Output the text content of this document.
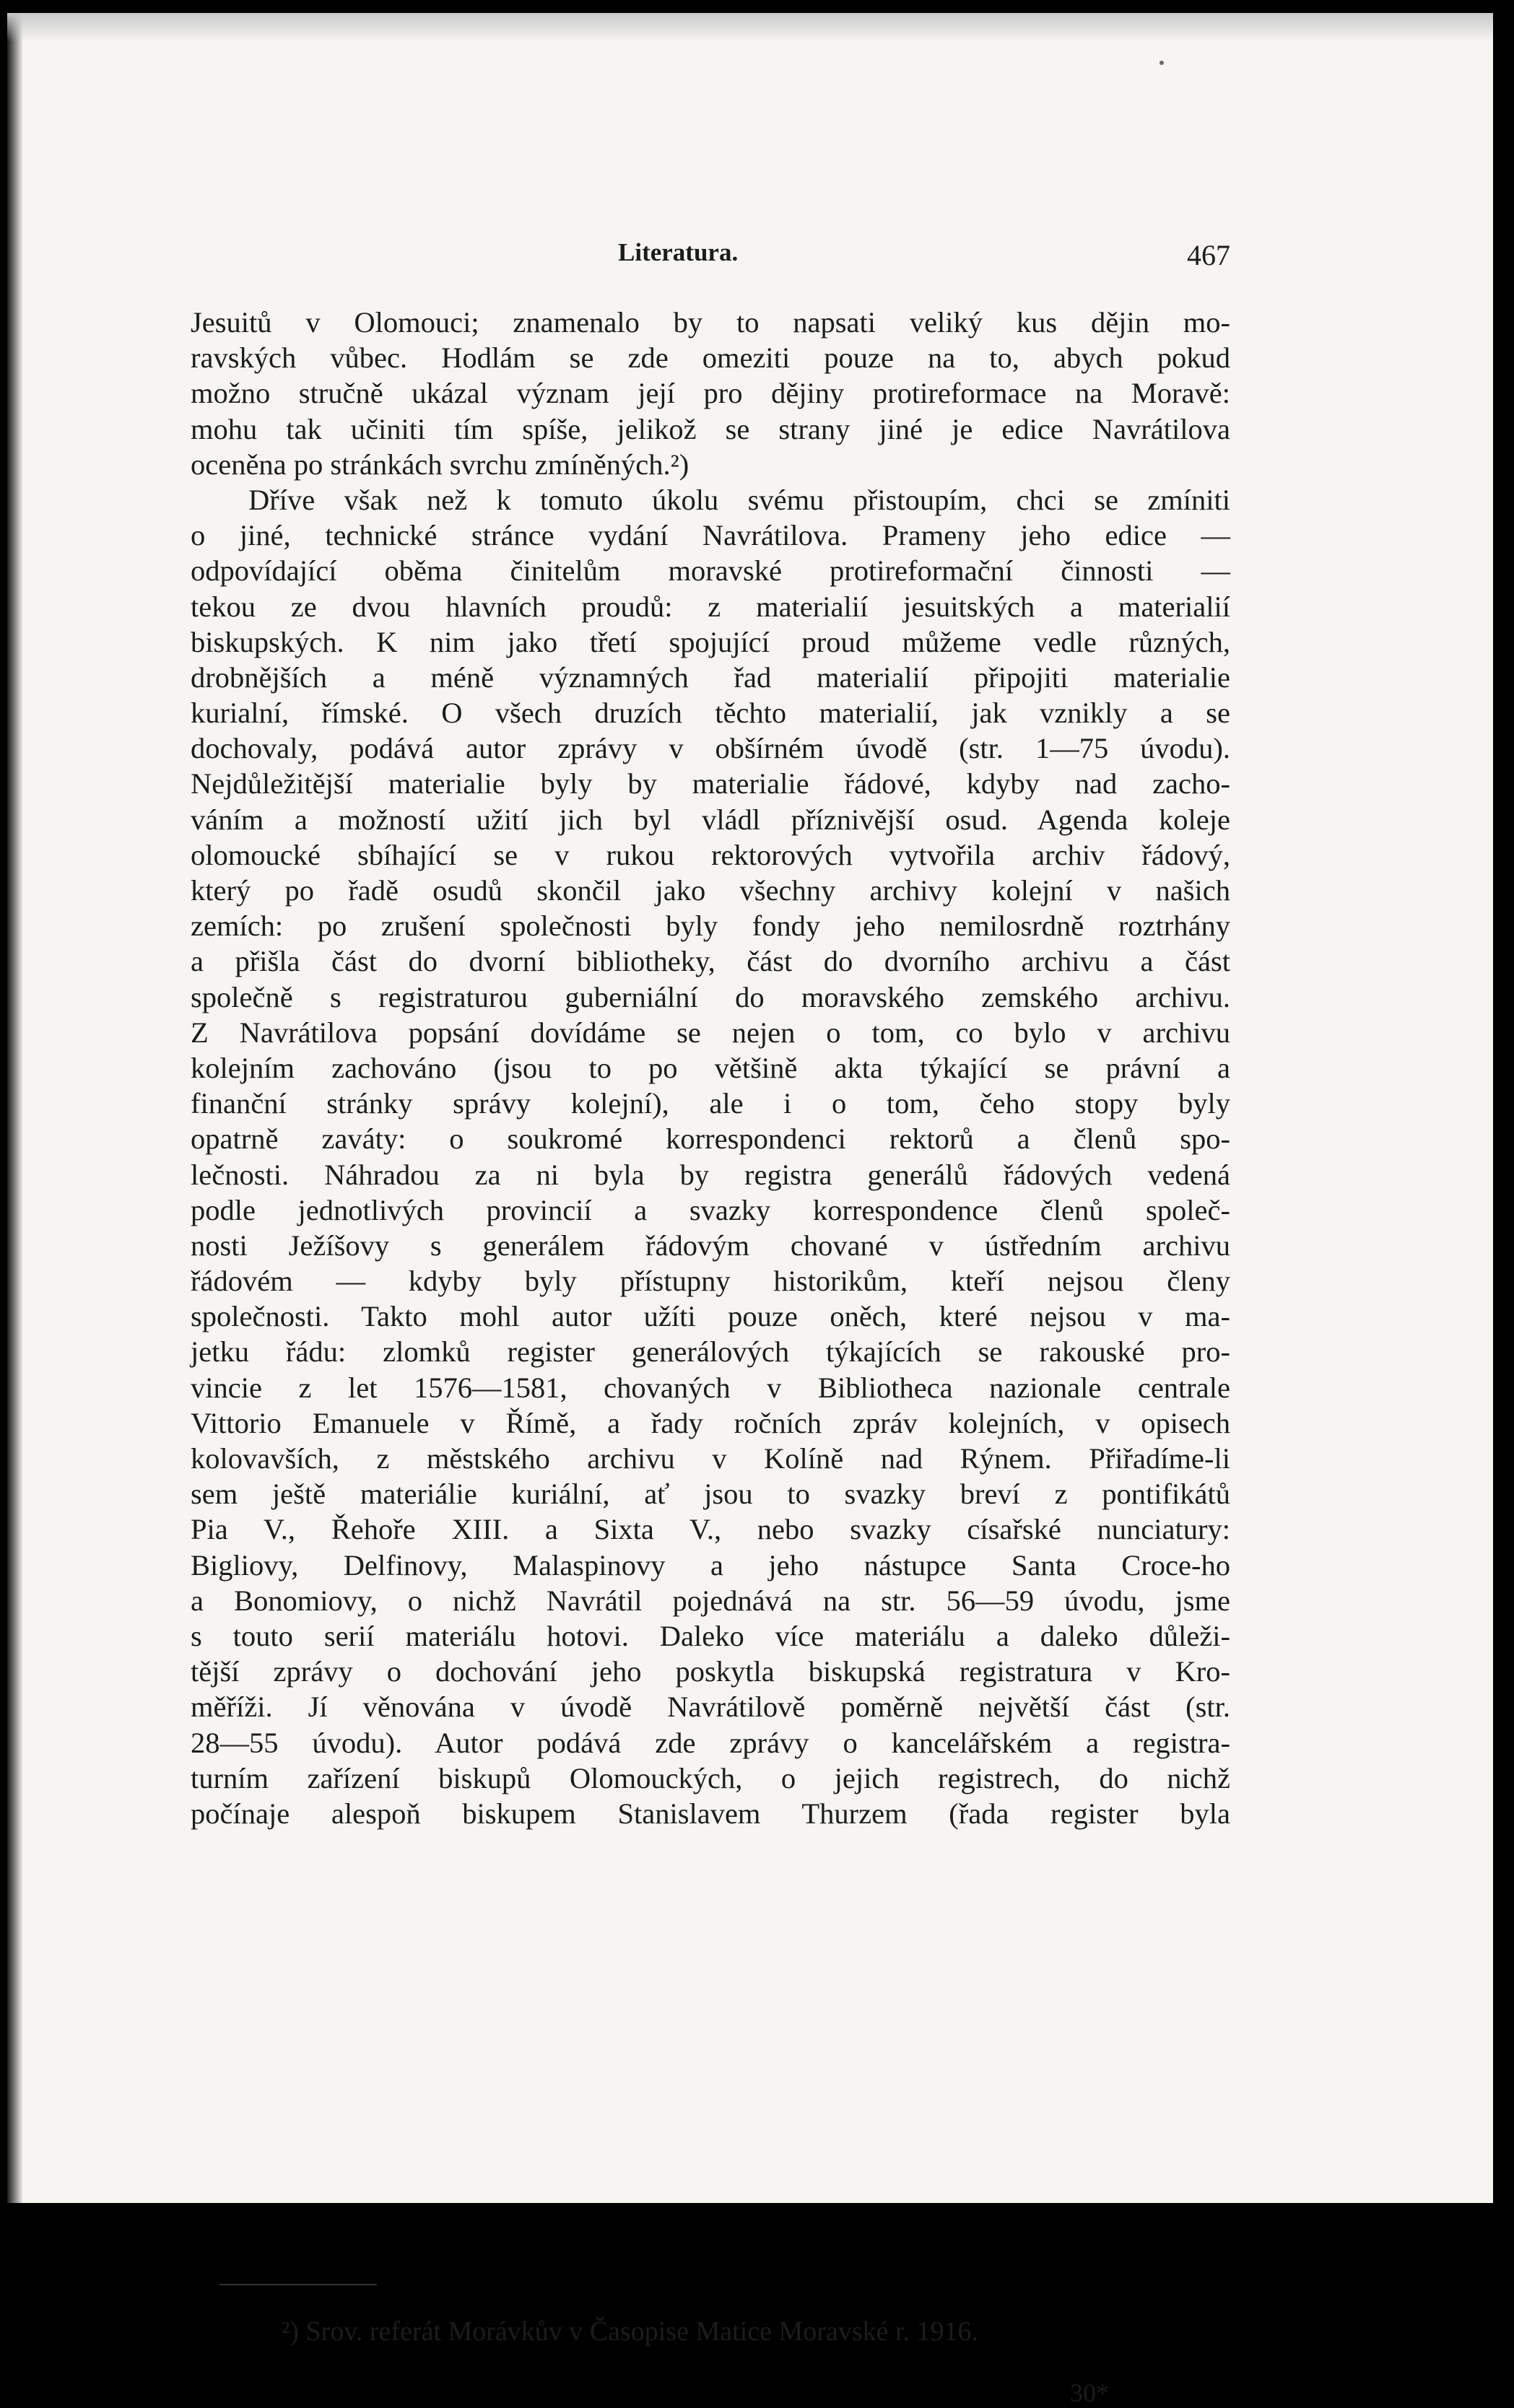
Literatura.	467
Jesuitů v Olomouci; znamenalo by to napsati veliký kus dějin mo-
ravských vůbec. Hodlám se zde omeziti pouze na to, abych pokud
možno stručně ukázal význam její pro dějiny protireformace na Moravě:
mohu tak učiniti tím spíše, jelikož se strany jiné je edice Navrátilova
oceněna po stránkách svrchu zmíněných.²)
Dříve však než k tomuto úkolu svému přistoupím, chci se zmíniti
o jiné, technické stránce vydání Navrátilova. Prameny jeho edice —
odpovídající oběma činitelům moravské protireformační činnosti —
tekou ze dvou hlavních proudů: z materialií jesuitských a materialií
biskupských. K nim jako třetí spojující proud můžeme vedle různých,
drobnějších a méně významných řad materialií připojiti materialie
kurialní, římské. O všech druzích těchto materialií, jak vznikly a se
dochovaly, podává autor zprávy v obšírném úvodě (str. 1—75 úvodu).
Nejdůležitější materialie byly by materialie řádové, kdyby nad zacho-
váním a možností užití jich byl vládl příznivější osud. Agenda koleje
olomoucké sbíhající se v rukou rektorových vytvořila archiv řádový,
který po řadě osudů skončil jako všechny archivy kolejní v našich
zemích: po zrušení společnosti byly fondy jeho nemilosrdně roztrhány
a přišla část do dvorní bibliotheky, část do dvorního archivu a část
společně s registraturou guberniální do moravského zemského archivu.
Z Navrátilova popsání dovídáme se nejen o tom, co bylo v archivu
kolejním zachováno (jsou to po většině akta týkající se právní a
finanční stránky správy kolejní), ale i o tom, čeho stopy byly
opatrně zaváty: o soukromé korrespondenci rektorů a členů spo-
lečnosti. Náhradou za ni byla by registra generálů řádových vedená
podle jednotlivých provincií a svazky korrespondence členů společ-
nosti Ježíšovy s generálem řádovým chované v ústředním archivu
řádovém — kdyby byly přístupny historikům, kteří nejsou členy
společnosti. Takto mohl autor užíti pouze oněch, které nejsou v ma-
jetku řádu: zlomků register generálových týkajících se rakouské pro-
vincie z let 1576—1581, chovaných v Bibliotheca nazionale centrale
Vittorio Emanuele v Římě, a řady ročních zpráv kolejních, v opisech
kolovavších, z městského archivu v Kolíně nad Rýnem. Přiřadíme-li
sem ještě materiálie kuriální, ať jsou to svazky breví z pontifikátů
Pia V., Řehoře XIII. a Sixta V., nebo svazky císařské nunciatury:
Bigliovy, Delfinovy, Malaspinovy a jeho nástupce Santa Croce-ho
a Bonomiovy, o nichž Navrátil pojednává na str. 56—59 úvodu, jsme
s touto serií materiálu hotovi. Daleko více materiálu a daleko důleži-
tější zprávy o dochování jeho poskytla biskupská registratura v Kro-
měříži. Jí věnována v úvodě Navrátilově poměrně největší část (str.
28—55 úvodu). Autor podává zde zprávy o kancelářském a registra-
turním zařízení biskupů Olomouckých, o jejich registrech, do nichž
počínaje alespoň biskupem Stanislavem Thurzem (řada register byla
²) Srov. referát Morávkův v Časopise Matice Moravské r. 1916.
30*
